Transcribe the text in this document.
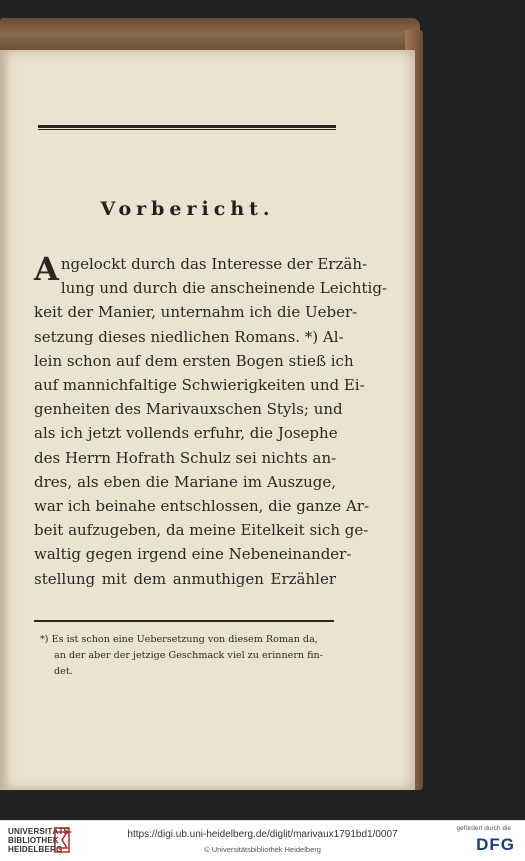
Vorbericht.
Angelockt durch das Interesse der Erzäh-
lung und durch die anscheinende Leichtig-
keit der Manier, unternahm ich die Ueber-
setzung dieses niedlichen Romans. *) Al-
lein schon auf dem ersten Bogen stieß ich
auf mannichfaltige Schwierigkeiten und Ei-
genheiten des Marivauxschen Styls; und
als ich jetzt vollends erfuhr, die Josephe
des Herrn Hofrath Schulz sei nichts an-
dres, als eben die Mariane im Auszuge,
war ich beinahe entschlossen, die ganze Ar-
beit aufzugeben, da meine Eitelkeit sich ge-
waltig gegen irgend eine Nebeneinander-
stellung mit dem anmuthigen Erzähler
*) Es ist schon eine Uebersetzung von diesem Roman da,
an der aber der jetzige Geschmack viel zu erinnern fin-
det.
UNIVERSITÄTS-
BIBLIOTHEK
HEIDELBERG
https://digi.ub.uni-heidelberg.de/diglit/marivaux1791bd1/0007
© Universitätsbibliothek Heidelberg
gefördert durch die
DFG
